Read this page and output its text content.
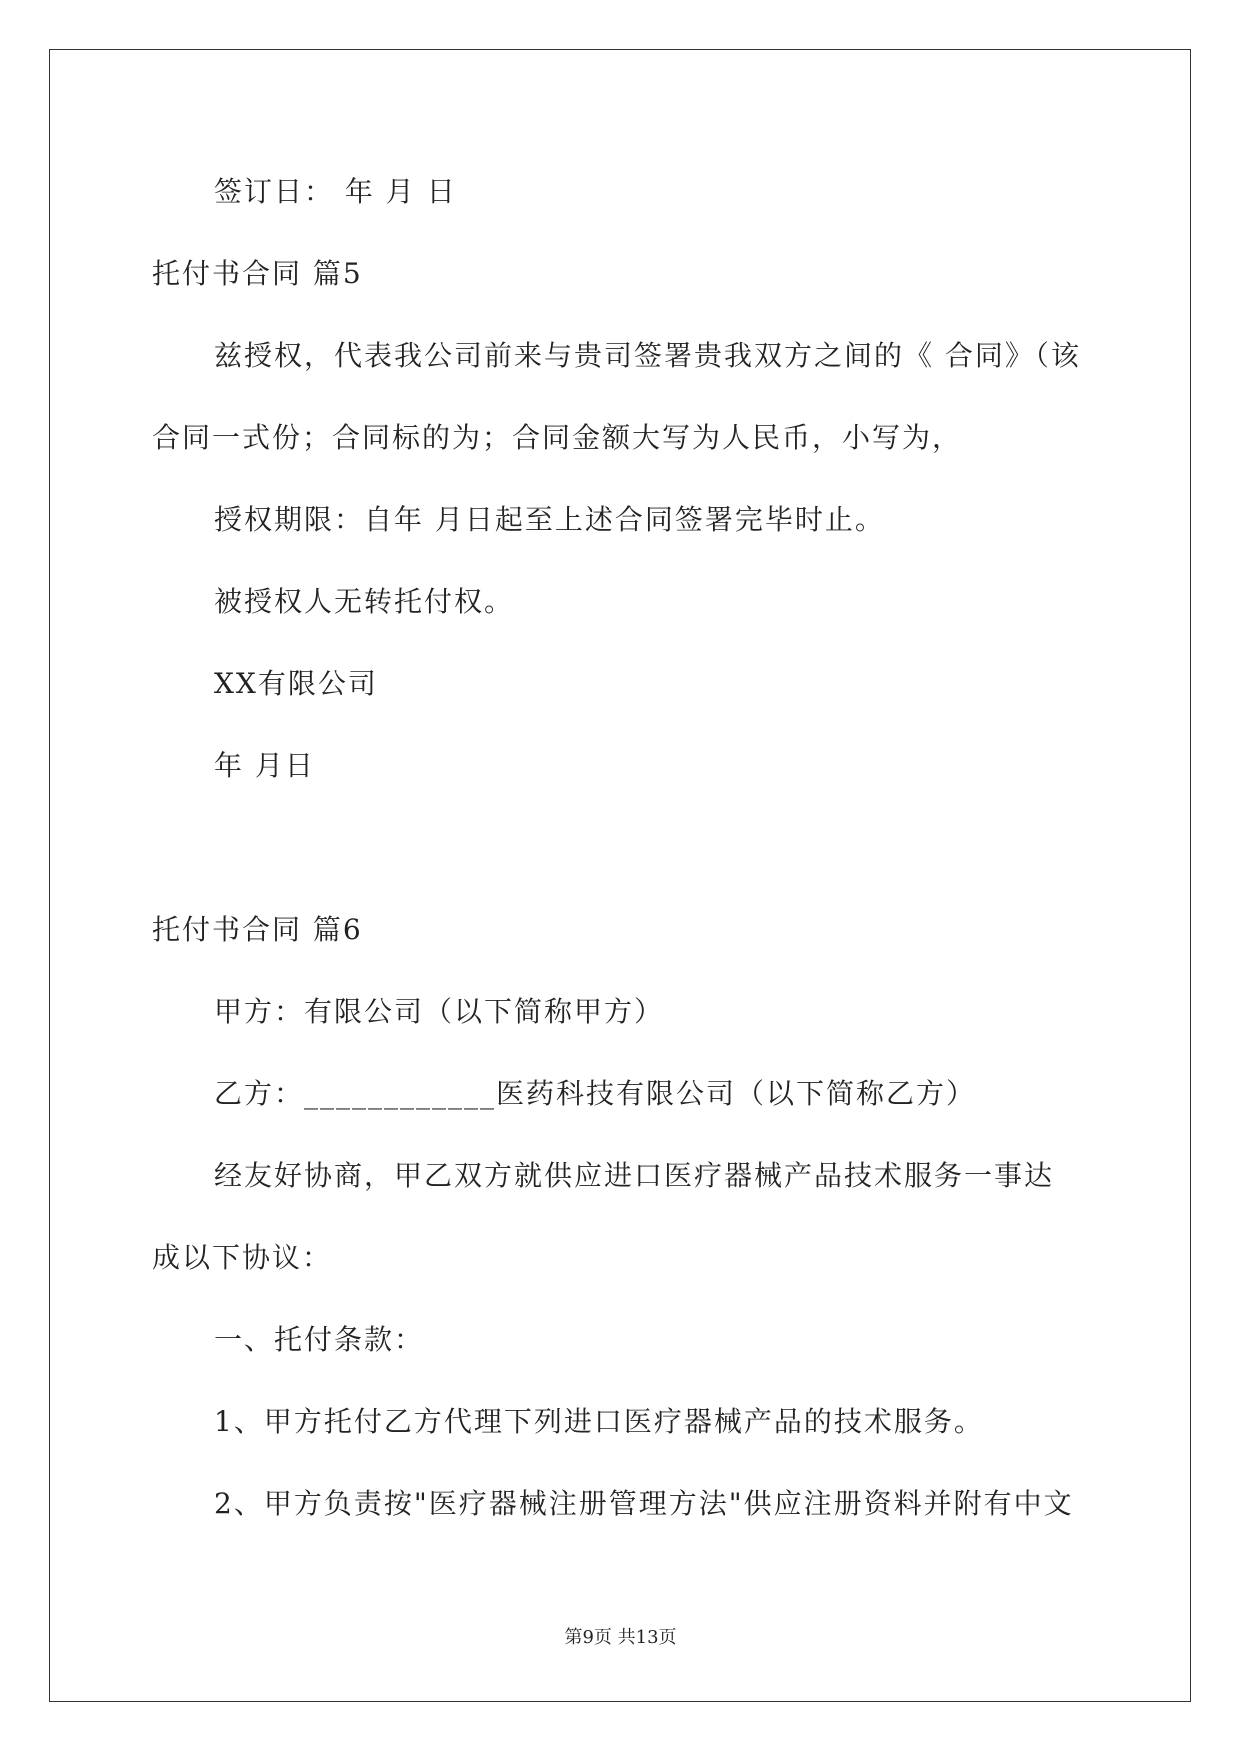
签订日： 年 月 日
托付书合同 篇5
兹授权，代表我公司前来与贵司签署贵我双方之间的《 合同》（该
合同一式份；合同标的为；合同金额大写为人民币，小写为，
授权期限：自年 月日起至上述合同签署完毕时止。
被授权人无转托付权。
XX有限公司
年 月日
托付书合同 篇6
甲方：有限公司（以下简称甲方）
乙方：____________医药科技有限公司（以下简称乙方）
经友好协商，甲乙双方就供应进口医疗器械产品技术服务一事达
成以下协议：
一、托付条款：
1、甲方托付乙方代理下列进口医疗器械产品的技术服务。
2、甲方负责按"医疗器械注册管理方法"供应注册资料并附有中文
第9页 共13页
